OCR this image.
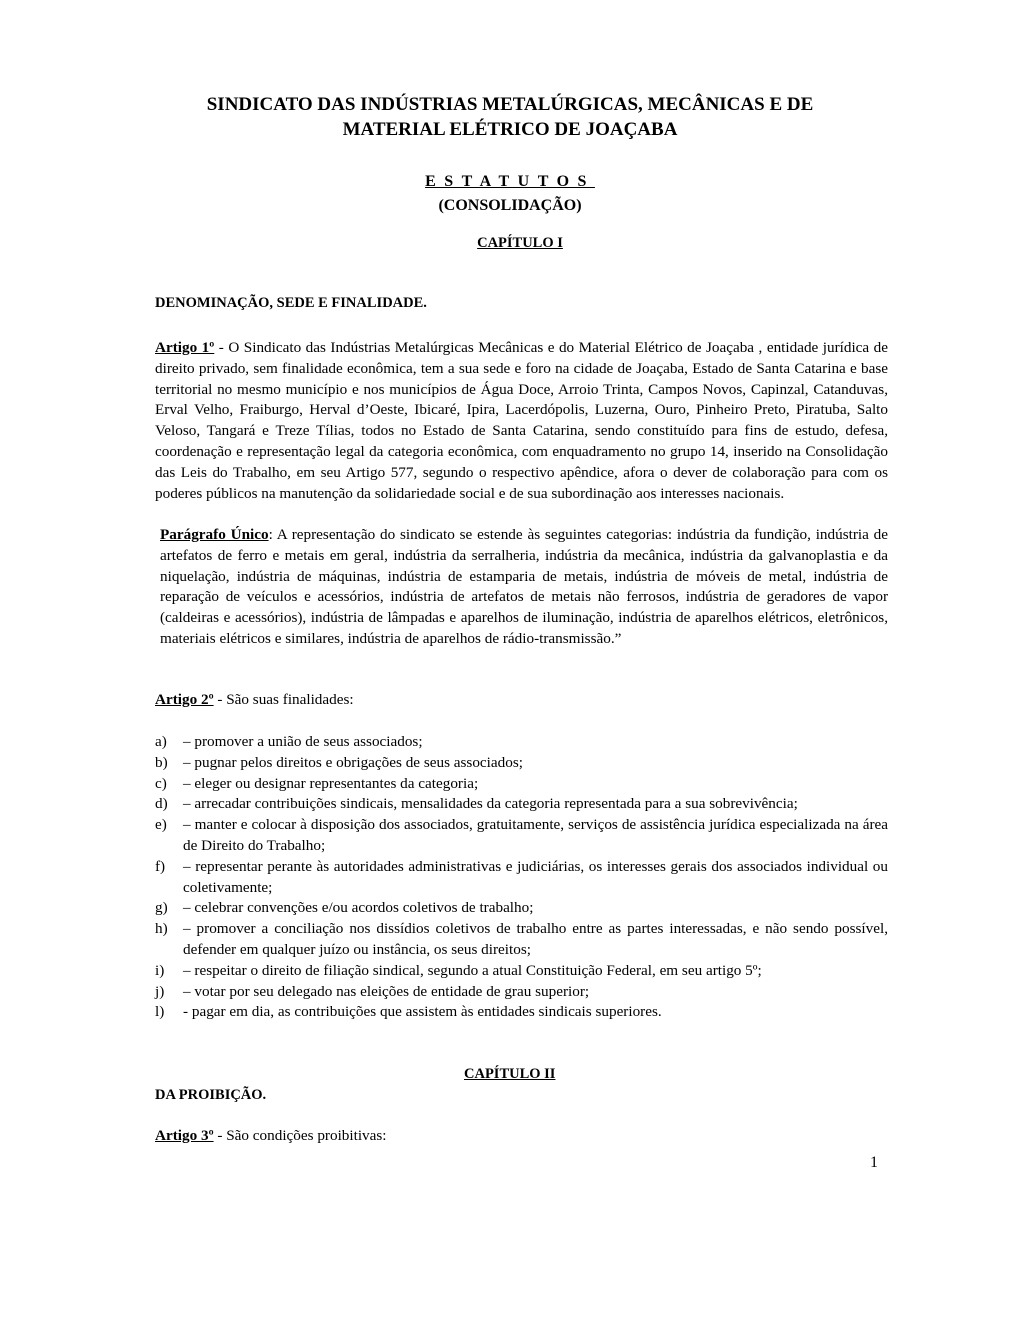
SINDICATO DAS INDÚSTRIAS METALÚRGICAS, MECÂNICAS E DE
MATERIAL ELÉTRICO DE JOAÇABA
ESTATUTOS
(CONSOLIDAÇÃO)
CAPÍTULO I
DENOMINAÇÃO, SEDE E FINALIDADE.
Artigo 1º - O Sindicato das Indústrias Metalúrgicas Mecânicas e do Material Elétrico de Joaçaba , entidade jurídica de direito privado, sem finalidade econômica, tem a sua sede e foro na cidade de Joaçaba, Estado de Santa Catarina e base territorial no mesmo município e nos municípios de Água Doce, Arroio Trinta, Campos Novos, Capinzal, Catanduvas, Erval Velho, Fraiburgo, Herval d’Oeste, Ibicaré, Ipira, Lacerdópolis, Luzerna, Ouro, Pinheiro Preto, Piratuba, Salto Veloso, Tangará e Treze Tílias, todos no Estado de Santa Catarina, sendo constituído para fins de estudo, defesa, coordenação e representação legal da categoria econômica, com enquadramento no grupo 14, inserido na Consolidação das Leis do Trabalho, em seu Artigo 577, segundo o respectivo apêndice, afora o dever de colaboração para com os poderes públicos na manutenção da solidariedade social e de sua subordinação aos interesses nacionais.
Parágrafo Único: A representação do sindicato se estende às seguintes categorias: indústria da fundição, indústria de artefatos de ferro e metais em geral, indústria da serralheria, indústria da mecânica, indústria da galvanoplastia e da niquelação, indústria de máquinas, indústria de estamparia de metais, indústria de móveis de metal, indústria de reparação de veículos e acessórios, indústria de artefatos de metais não ferrosos, indústria de geradores de vapor (caldeiras e acessórios), indústria de lâmpadas e aparelhos de iluminação, indústria de aparelhos elétricos, eletrônicos, materiais elétricos e similares, indústria de aparelhos de rádio-transmissão.”
Artigo 2º - São suas finalidades:
a) – promover a união de seus associados;
b) – pugnar pelos direitos e obrigações de seus associados;
c) – eleger ou designar representantes da categoria;
d) – arrecadar contribuições sindicais, mensalidades da categoria representada para a sua sobrevivência;
e) – manter e colocar à disposição dos associados, gratuitamente, serviços de assistência jurídica especializada na área de Direito do Trabalho;
f) – representar perante às autoridades administrativas e judiciárias, os interesses gerais dos associados individual ou coletivamente;
g) – celebrar convenções e/ou acordos coletivos de trabalho;
h) – promover a conciliação nos dissídios coletivos de trabalho entre as partes interessadas, e não sendo possível, defender em qualquer juízo ou instância, os seus direitos;
i) – respeitar o direito de filiação sindical, segundo a atual Constituição Federal, em seu artigo 5º;
j) – votar por seu delegado nas eleições de entidade de grau superior;
l) - pagar em dia, as contribuições que assistem às entidades sindicais superiores.
CAPÍTULO II
DA PROIBIÇÃO.
Artigo 3º - São condições proibitivas:
1
